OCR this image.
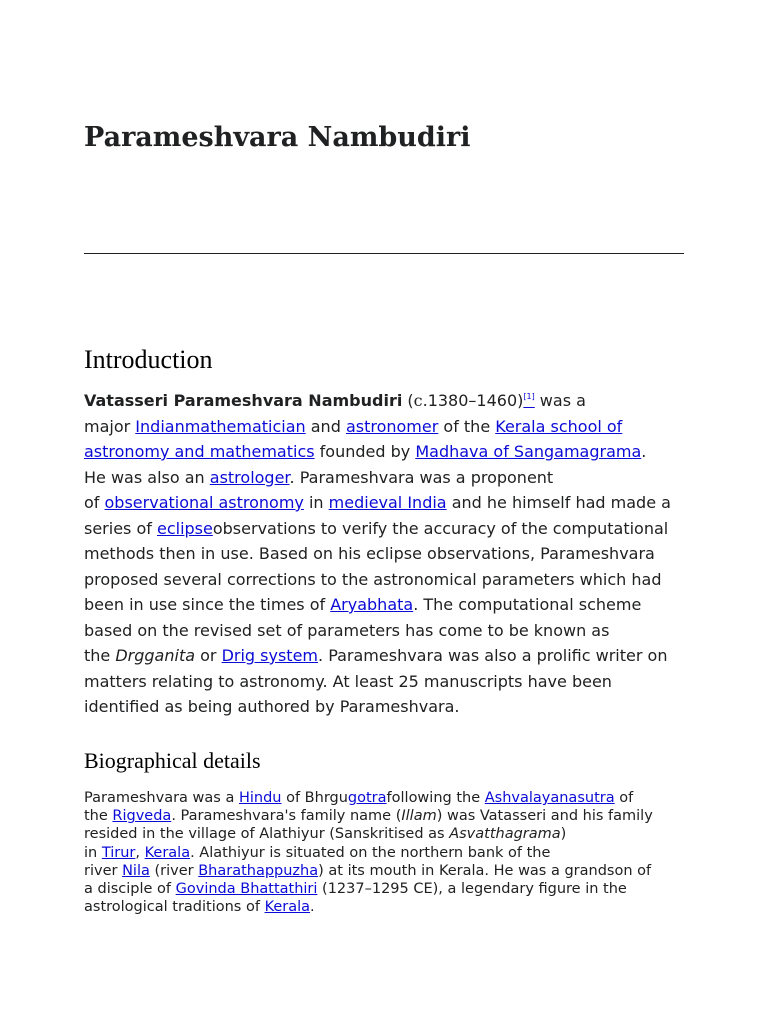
Parameshvara Nambudiri
Introduction
Vatasseri Parameshvara Nambudiri (c.1380–1460)[1] was a
major Indianmathematician and astronomer of the Kerala school of
astronomy and mathematics founded by Madhava of Sangamagrama.
He was also an astrologer. Parameshvara was a proponent
of observational astronomy in medieval India and he himself had made a
series of eclipseobservations to verify the accuracy of the computational
methods then in use. Based on his eclipse observations, Parameshvara
proposed several corrections to the astronomical parameters which had
been in use since the times of Aryabhata. The computational scheme
based on the revised set of parameters has come to be known as
the Drgganita or Drig system. Parameshvara was also a prolific writer on
matters relating to astronomy. At least 25 manuscripts have been
identified as being authored by Parameshvara.
Biographical details
Parameshvara was a Hindu of Bhrgugotrafollowing the Ashvalayanasutra of
the Rigveda. Parameshvara's family name (Illam) was Vatasseri and his family
resided in the village of Alathiyur (Sanskritised as Asvatthagrama)
in Tirur, Kerala. Alathiyur is situated on the northern bank of the
river Nila (river Bharathappuzha) at its mouth in Kerala. He was a grandson of
a disciple of Govinda Bhattathiri (1237–1295 CE), a legendary figure in the
astrological traditions of Kerala.
